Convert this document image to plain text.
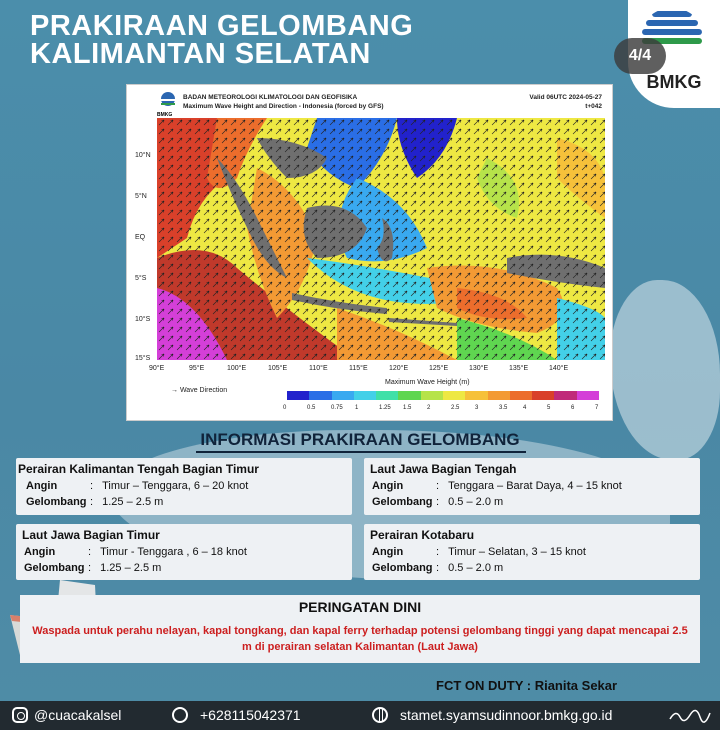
PRAKIRAAN GELOMBANG
KALIMANTAN SELATAN
BMKG
4/4
BMKG
BADAN METEOROLOGI KLIMATOLOGI DAN GEOFISIKA
Maximum Wave Height and Direction - Indonesia (forced by GFS)
Valid 06UTC 2024-05-27
t+042
10°N
5°N
EQ
5°S
10°S
15°S
90°E	95°E	100°E	105°E	110°E	115°E	120°E	125°E	130°E	135°E	140°E
→ Wave Direction
Maximum Wave Height (m)
0	0.5	0.75 1	1.25 1.5	2	2.5	3	3.5	4	5	6	7
INFORMASI PRAKIRAAN GELOMBANG
Perairan Kalimantan Tengah Bagian Timur
Angin	: Timur – Tenggara, 6 – 20 knot
Gelombang : 1.25 – 2.5 m
Laut Jawa Bagian Tengah
Angin	: Tenggara – Barat Daya, 4 – 15 knot
Gelombang : 0.5 – 2.0 m
Laut Jawa Bagian Timur
Angin	: Timur - Tenggara , 6 – 18 knot
Gelombang : 1.25 – 2.5 m
Perairan Kotabaru
Angin	: Timur – Selatan, 3 – 15 knot
Gelombang : 0.5 – 2.0 m
PERINGATAN DINI
Waspada untuk perahu nelayan, kapal tongkang, dan kapal ferry terhadap potensi gelombang tinggi yang dapat mencapai 2.5 m di perairan selatan Kalimantan (Laut Jawa)
FCT ON DUTY : Rianita Sekar
@cuacakalsel	+628115042371	stamet.syamsudinnoor.bmkg.go.id
